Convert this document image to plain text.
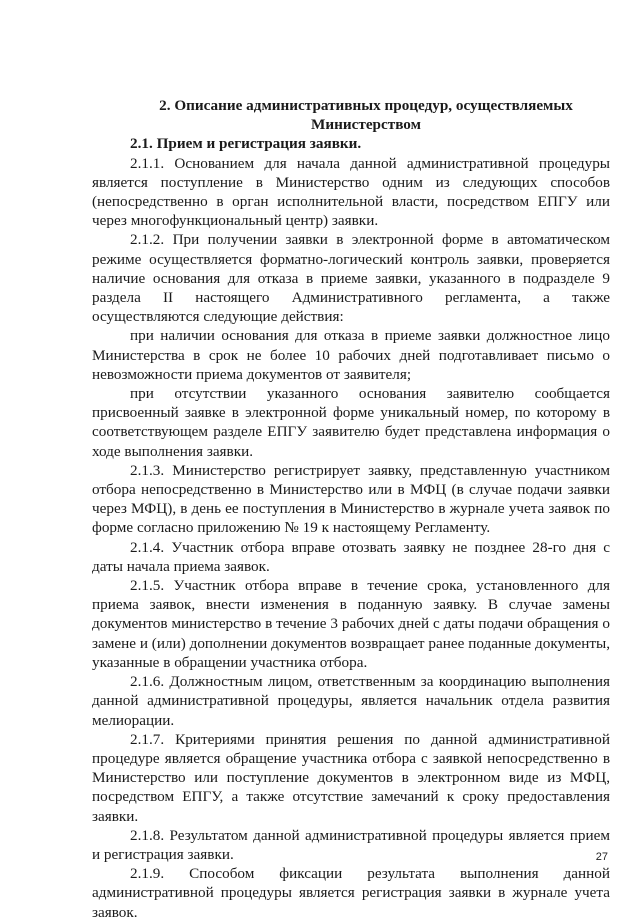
2. Описание административных процедур, осуществляемых Министерством

2.1. Прием и регистрация заявки.

2.1.1. Основанием для начала данной административной процедуры является поступление в Министерство одним из следующих способов (непосредственно в орган исполнительной власти, посредством ЕПГУ или через многофункциональный центр) заявки.

2.1.2. При получении заявки в электронной форме в автоматическом режиме осуществляется форматно-логический контроль заявки, проверяется наличие основания для отказа в приеме заявки, указанного в подразделе 9 раздела II настоящего Административного регламента, а также осуществляются следующие действия:

при наличии основания для отказа в приеме заявки должностное лицо Министерства в срок не более 10 рабочих дней подготавливает письмо о невозможности приема документов от заявителя;

при отсутствии указанного основания заявителю сообщается присвоенный заявке в электронной форме уникальный номер, по которому в соответствующем разделе ЕПГУ заявителю будет представлена информация о ходе выполнения заявки.

2.1.3. Министерство регистрирует заявку, представленную участником отбора непосредственно в Министерство или в МФЦ (в случае подачи заявки через МФЦ), в день ее поступления в Министерство в журнале учета заявок по форме согласно приложению № 19 к настоящему Регламенту.

2.1.4. Участник отбора вправе отозвать заявку не позднее 28-го дня с даты начала приема заявок.

2.1.5. Участник отбора вправе в течение срока, установленного для приема заявок, внести изменения в поданную заявку. В случае замены документов министерство в течение 3 рабочих дней с даты подачи обращения о замене и (или) дополнении документов возвращает ранее поданные документы, указанные в обращении участника отбора.

2.1.6. Должностным лицом, ответственным за координацию выполнения данной административной процедуры, является начальник отдела развития мелиорации.

2.1.7. Критериями принятия решения по данной административной процедуре является обращение участника отбора с заявкой непосредственно в Министерство или поступление документов в электронном виде из МФЦ, посредством ЕПГУ, а также отсутствие замечаний к сроку предоставления заявки.

2.1.8. Результатом данной административной процедуры является прием и регистрация заявки.

2.1.9. Способом фиксации результата выполнения данной административной процедуры является регистрация заявки в журнале учета заявок.

27
